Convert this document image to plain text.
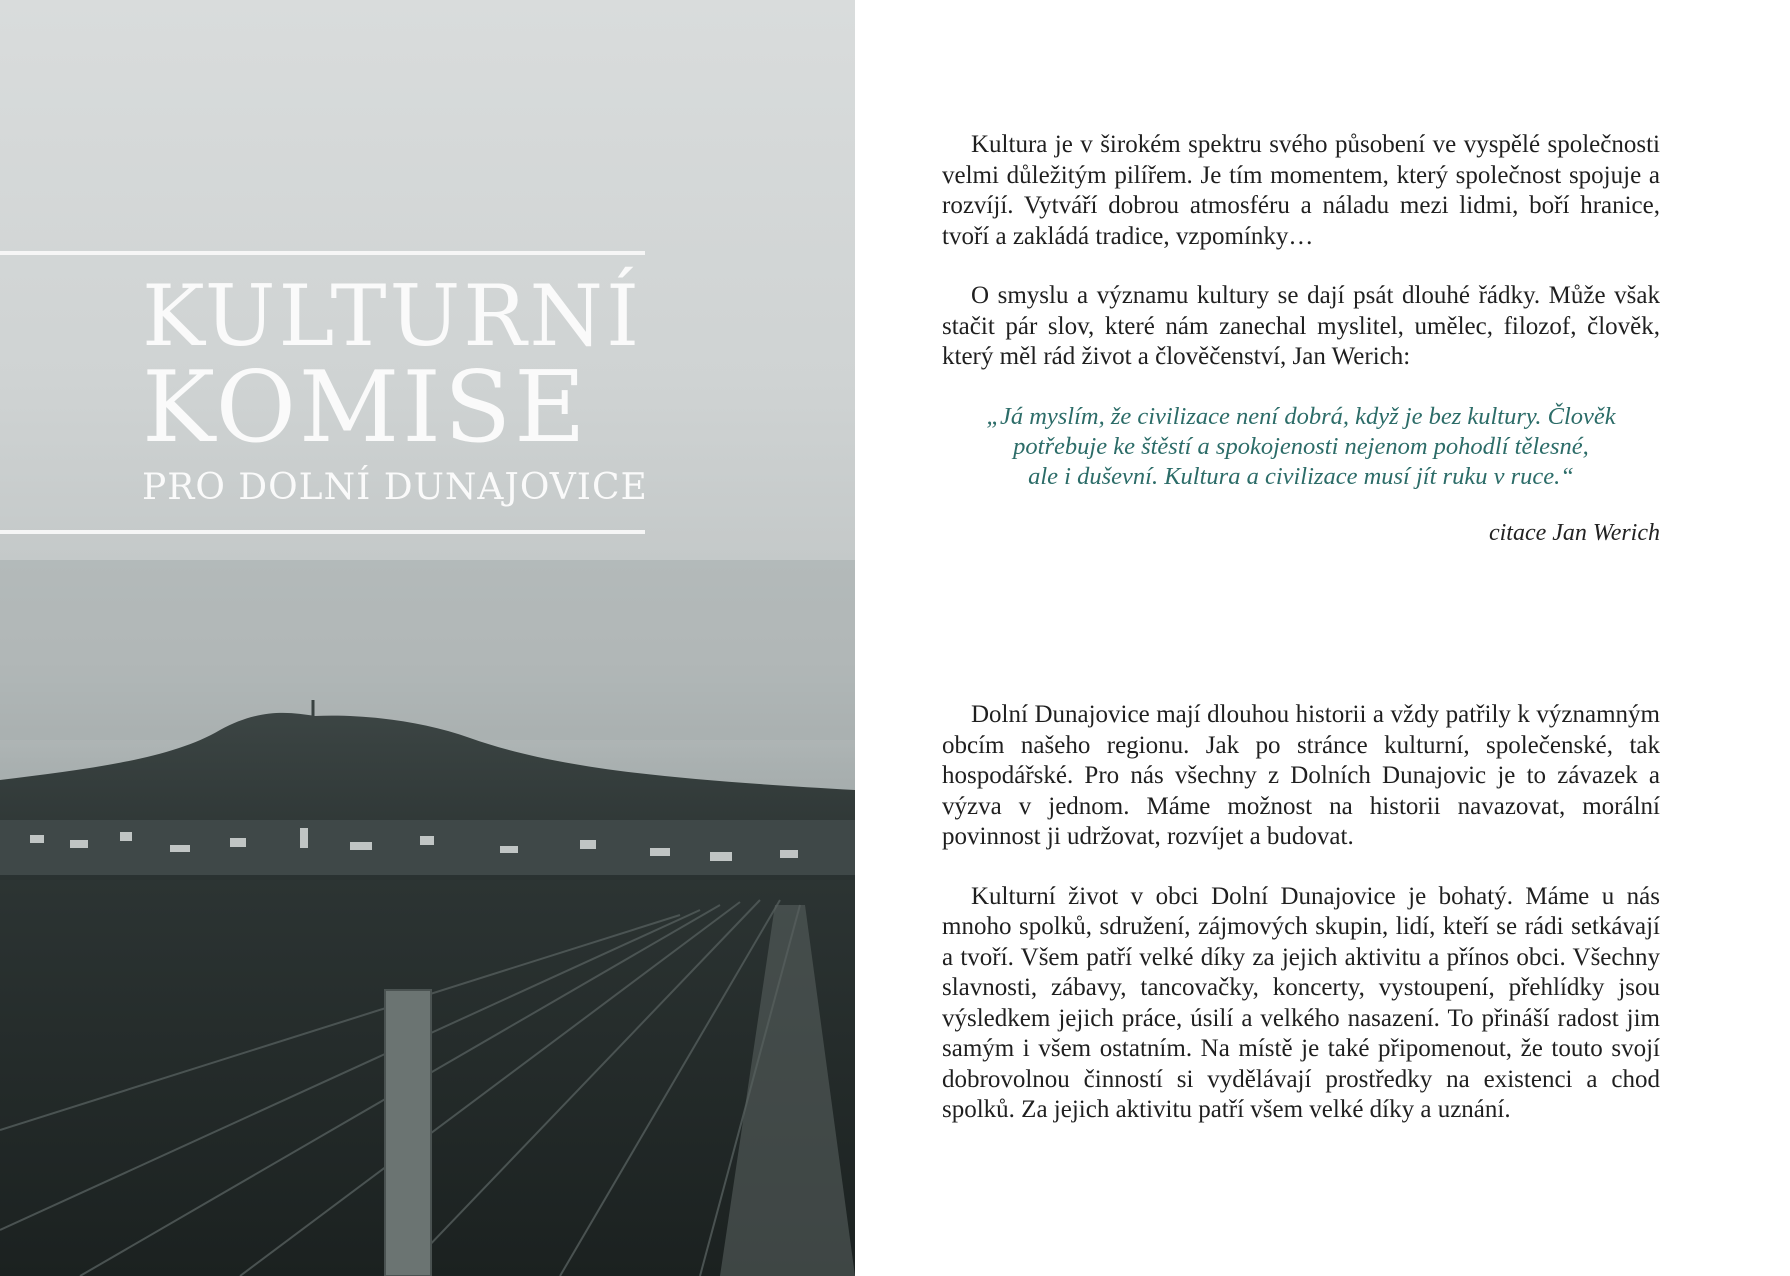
KULTURNÍ
KOMISE
PRO DOLNÍ DUNAJOVICE

Kultura je v širokém spektru svého působení ve vyspělé společnosti velmi důležitým pilířem. Je tím momentem, který společnost spojuje a rozvíjí. Vytváří dobrou atmosféru a náladu mezi lidmi, boří hranice, tvoří a zakládá tradice, vzpomínky…

O smyslu a významu kultury se dají psát dlouhé řádky. Může však stačit pár slov, které nám zanechal myslitel, umělec, filozof, člověk, který měl rád život a člověčenství, Jan Werich:

„Já myslím, že civilizace není dobrá, když je bez kultury. Člověk
potřebuje ke štěstí a spokojenosti nejenom pohodlí tělesné,
ale i duševní. Kultura a civilizace musí jít ruku v ruce.“
citace Jan Werich

Dolní Dunajovice mají dlouhou historii a vždy patřily k významným obcím našeho regionu. Jak po stránce kulturní, společenské, tak hospodářské. Pro nás všechny z Dolních Dunajovic je to závazek a výzva v jednom. Máme možnost na historii navazovat, morální povinnost ji udržovat, rozvíjet a budovat.

Kulturní život v obci Dolní Dunajovice je bohatý. Máme u nás mnoho spolků, sdružení, zájmových skupin, lidí, kteří se rádi setkávají a tvoří. Všem patří velké díky za jejich aktivitu a přínos obci. Všechny slavnosti, zábavy, tancovačky, koncerty, vystoupení, přehlídky jsou výsledkem jejich práce, úsilí a velkého nasazení. To přináší radost jim samým i všem ostatním. Na místě je také připomenout, že touto svojí dobrovolnou činností si vydělávají prostředky na existenci a chod spolků. Za jejich aktivitu patří všem velké díky a uznání.
